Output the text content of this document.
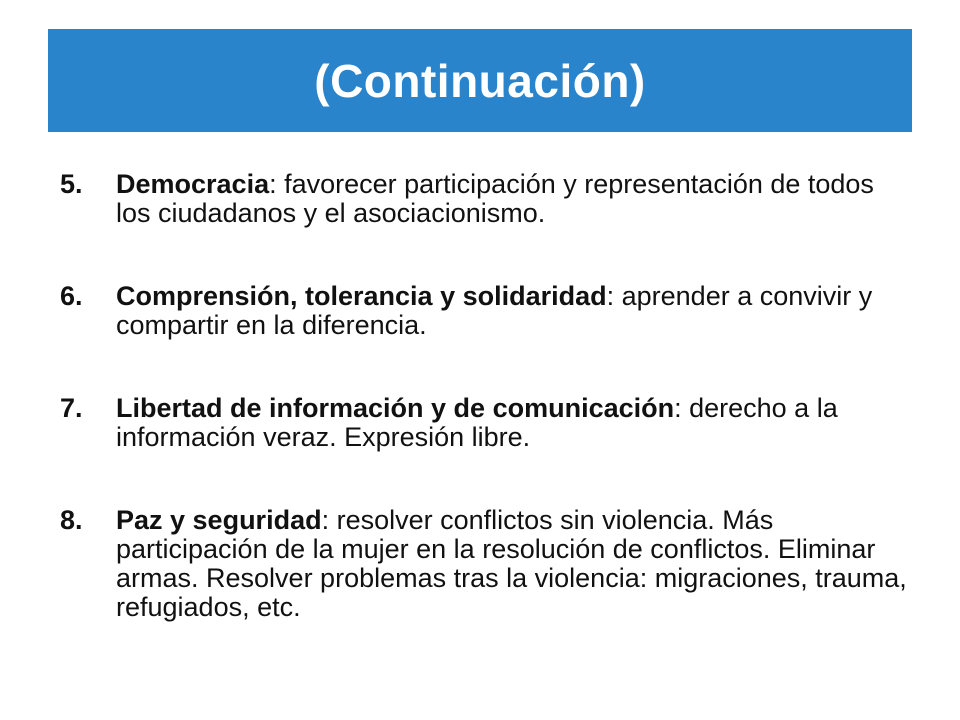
(Continuación)
5. Democracia: favorecer participación y representación de todos los ciudadanos y el asociacionismo.
6. Comprensión, tolerancia y solidaridad: aprender a convivir y compartir en la diferencia.
7. Libertad de información y de comunicación: derecho a la información veraz. Expresión libre.
8. Paz y seguridad: resolver conflictos sin violencia. Más participación de la mujer en la resolución de conflictos. Eliminar armas. Resolver problemas tras la violencia: migraciones, trauma, refugiados, etc.
